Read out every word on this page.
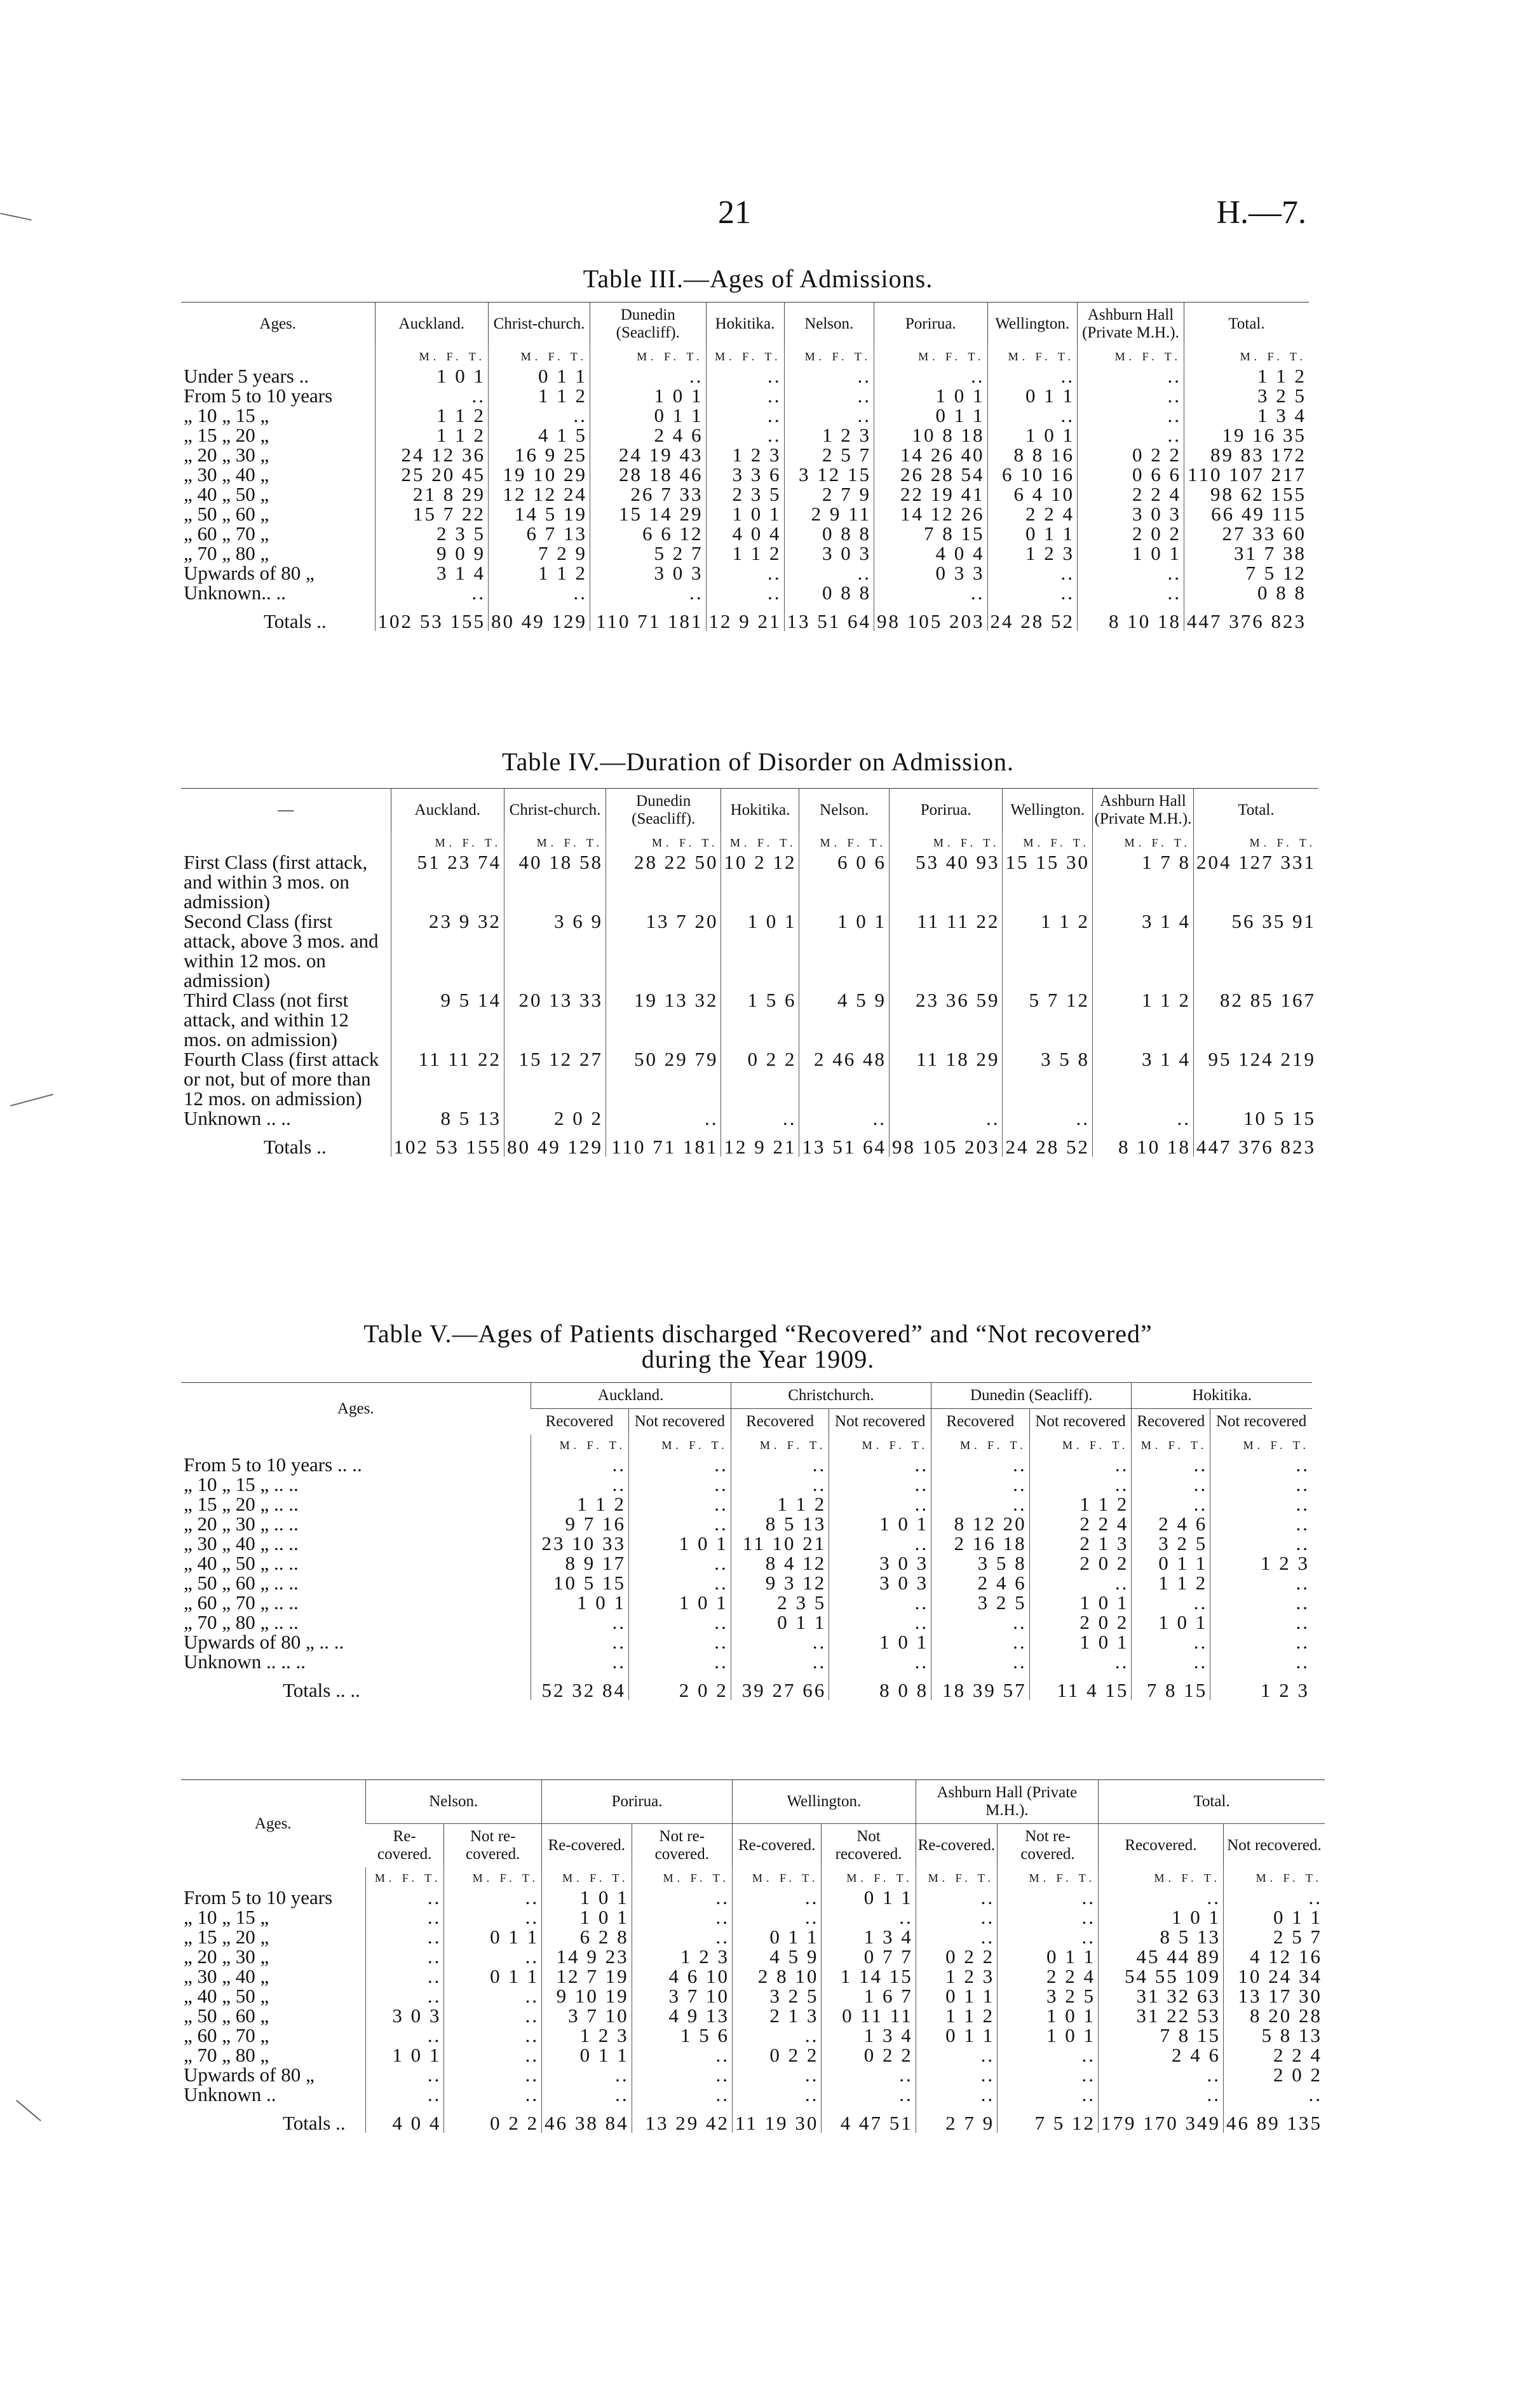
21	H.—7.
Table III.—Ages of Admissions.
Ages.	Auckland.	Christ-church.	Dunedin (Seacliff).	Hokitika.	Nelson.	Porirua.	Wellington.	Ashburn Hall (Private M.H.).	Total.
	M. F. T.	M. F. T.	M. F. T.	M. F. T.	M. F. T.	M. F. T.	M. F. T.	M. F. T.	M. F. T.
Under 5 years ..	1 0 1	0 1 1	..	..	..	..	..	..	1 1 2
From 5 to 10 years	..	1 1 2	1 0 1	..	..	1 0 1	0 1 1	..	3 2 5
„ 10 „ 15 „	1 1 2	..	0 1 1	..	..	0 1 1	..	..	1 3 4
„ 15 „ 20 „	1 1 2	4 1 5	2 4 6	..	1 2 3	10 8 18	1 0 1	..	19 16 35
„ 20 „ 30 „	24 12 36	16 9 25	24 19 43	1 2 3	2 5 7	14 26 40	8 8 16	0 2 2	89 83 172
„ 30 „ 40 „	25 20 45	19 10 29	28 18 46	3 3 6	3 12 15	26 28 54	6 10 16	0 6 6	110 107 217
„ 40 „ 50 „	21 8 29	12 12 24	26 7 33	2 3 5	2 7 9	22 19 41	6 4 10	2 2 4	98 62 155
„ 50 „ 60 „	15 7 22	14 5 19	15 14 29	1 0 1	2 9 11	14 12 26	2 2 4	3 0 3	66 49 115
„ 60 „ 70 „	2 3 5	6 7 13	6 6 12	4 0 4	0 8 8	7 8 15	0 1 1	2 0 2	27 33 60
„ 70 „ 80 „	9 0 9	7 2 9	5 2 7	1 1 2	3 0 3	4 0 4	1 2 3	1 0 1	31 7 38
Upwards of 80 „	3 1 4	1 1 2	3 0 3	..	..	0 3 3	..	..	7 5 12
Unknown.. ..	..	..	..	..	0 8 8	..	..	..	0 8 8
Totals ..	102 53 155	80 49 129	110 71 181	12 9 21	13 51 64	98 105 203	24 28 52	8 10 18	447 376 823
Table IV.—Duration of Disorder on Admission.
—	Auckland.	Christ-church.	Dunedin (Seacliff).	Hokitika.	Nelson.	Porirua.	Wellington.	Ashburn Hall (Private M.H.).	Total.
	M. F. T.	M. F. T.	M. F. T.	M. F. T.	M. F. T.	M. F. T.	M. F. T.	M. F. T.	M. F. T.
First Class (first attack, and within 3 mos. on admission)	51 23 74	40 18 58	28 22 50	10 2 12	6 0 6	53 40 93	15 15 30	1 7 8	204 127 331
Second Class (first attack, above 3 mos. and within 12 mos. on admission)	23 9 32	3 6 9	13 7 20	1 0 1	1 0 1	11 11 22	1 1 2	3 1 4	56 35 91
Third Class (not first attack, and within 12 mos. on admission)	9 5 14	20 13 33	19 13 32	1 5 6	4 5 9	23 36 59	5 7 12	1 1 2	82 85 167
Fourth Class (first attack or not, but of more than 12 mos. on admission)	11 11 22	15 12 27	50 29 79	0 2 2	2 46 48	11 18 29	3 5 8	3 1 4	95 124 219
Unknown .. ..	8 5 13	2 0 2	..	..	..	..	..	..	10 5 15
Totals ..	102 53 155	80 49 129	110 71 181	12 9 21	13 51 64	98 105 203	24 28 52	8 10 18	447 376 823
Table V.—Ages of Patients discharged “Recovered” and “Not recovered”
during the Year 1909.
Ages.	Auckland.		Christchurch.		Dunedin (Seacliff).		Hokitika.	
	Recovered	Not recovered	Recovered	Not recovered	Recovered	Not recovered	Recovered	Not recovered
	M. F. T.	M. F. T.	M. F. T.	M. F. T.	M. F. T.	M. F. T.	M. F. T.	M. F. T.
From 5 to 10 years .. ..	..	..	..	..	..	..	..	..
„ 10 „ 15 „ .. ..	..	..	..	..	..	..	..	..
„ 15 „ 20 „ .. ..	1 1 2	..	1 1 2	..	..	1 1 2	..	..
„ 20 „ 30 „ .. ..	9 7 16	..	8 5 13	1 0 1	8 12 20	2 2 4	2 4 6	..
„ 30 „ 40 „ .. ..	23 10 33	1 0 1	11 10 21	..	2 16 18	2 1 3	3 2 5	..
„ 40 „ 50 „ .. ..	8 9 17	..	8 4 12	3 0 3	3 5 8	2 0 2	0 1 1	1 2 3
„ 50 „ 60 „ .. ..	10 5 15	..	9 3 12	3 0 3	2 4 6	..	1 1 2	..
„ 60 „ 70 „ .. ..	1 0 1	1 0 1	2 3 5	..	3 2 5	1 0 1	..	..
„ 70 „ 80 „ .. ..	..	..	0 1 1	..	..	2 0 2	1 0 1	..
Upwards of 80 „ .. ..	..	..	..	1 0 1	..	1 0 1	..	..
Unknown .. .. ..	..	..	..	..	..	..	..	..
Totals .. ..	52 32 84	2 0 2	39 27 66	8 0 8	18 39 57	11 4 15	7 8 15	1 2 3
Ages.	Nelson.		Porirua.		Wellington.		Ashburn Hall (Private M.H.).		Total.	
	Re-covered.	Not re-covered.	Re-covered.	Not re-covered.	Re-covered.	Not recovered.	Re-covered.	Not re-covered.	Recovered.	Not recovered.
	M. F. T.	M. F. T.	M. F. T.	M. F. T.	M. F. T.	M. F. T.	M. F. T.	M. F. T.	M. F. T.	M. F. T.
From 5 to 10 years	..	..	1 0 1	..	..	0 1 1	..	..	..	..
„ 10 „ 15 „	..	..	1 0 1	..	..	..	..	..	1 0 1	0 1 1
„ 15 „ 20 „	..	0 1 1	6 2 8	..	0 1 1	1 3 4	..	..	8 5 13	2 5 7
„ 20 „ 30 „	..	..	14 9 23	1 2 3	4 5 9	0 7 7	0 2 2	0 1 1	45 44 89	4 12 16
„ 30 „ 40 „	..	0 1 1	12 7 19	4 6 10	2 8 10	1 14 15	1 2 3	2 2 4	54 55 109	10 24 34
„ 40 „ 50 „	..	..	9 10 19	3 7 10	3 2 5	1 6 7	0 1 1	3 2 5	31 32 63	13 17 30
„ 50 „ 60 „	3 0 3	..	3 7 10	4 9 13	2 1 3	0 11 11	1 1 2	1 0 1	31 22 53	8 20 28
„ 60 „ 70 „	..	..	1 2 3	1 5 6	..	1 3 4	0 1 1	1 0 1	7 8 15	5 8 13
„ 70 „ 80 „	1 0 1	..	0 1 1	..	0 2 2	0 2 2	..	..	2 4 6	2 2 4
Upwards of 80 „	..	..	..	..	..	..	..	..	..	2 0 2
Unknown ..	..	..	..	..	..	..	..	..	..	..
Totals ..	4 0 4	0 2 2	46 38 84	13 29 42	11 19 30	4 47 51	2 7 9	7 5 12	179 170 349	46 89 135
